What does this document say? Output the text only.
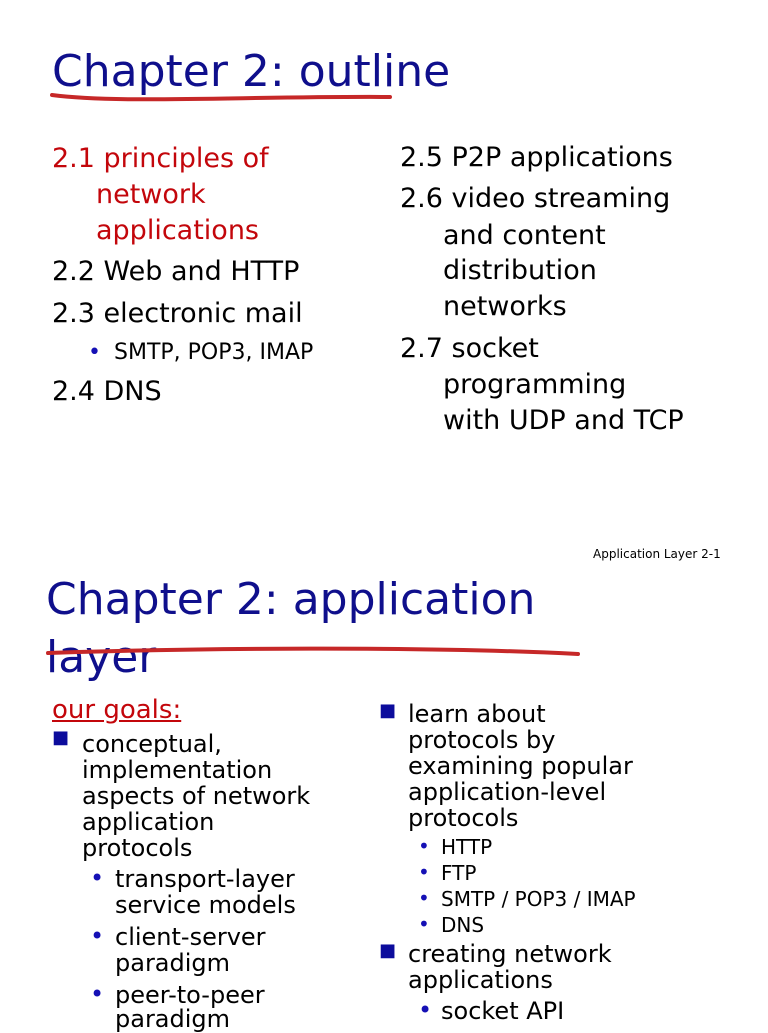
Chapter 2: outline
2.1 principles of
network
applications
2.2 Web and HTTP
2.3 electronic mail
• SMTP, POP3, IMAP
2.4 DNS
2.5 P2P applications
2.6 video streaming
and content
distribution
networks
2.7 socket
programming
with UDP and TCP
Application Layer 2-1
Chapter 2: application
layer
our goals:
■ conceptual,
implementation
aspects of network
application
protocols
• transport-layer
service models
• client-server
paradigm
• peer-to-peer
paradigm
■ learn about
protocols by
examining popular
application-level
protocols
• HTTP
• FTP
• SMTP / POP3 / IMAP
• DNS
■ creating network
applications
• socket API
